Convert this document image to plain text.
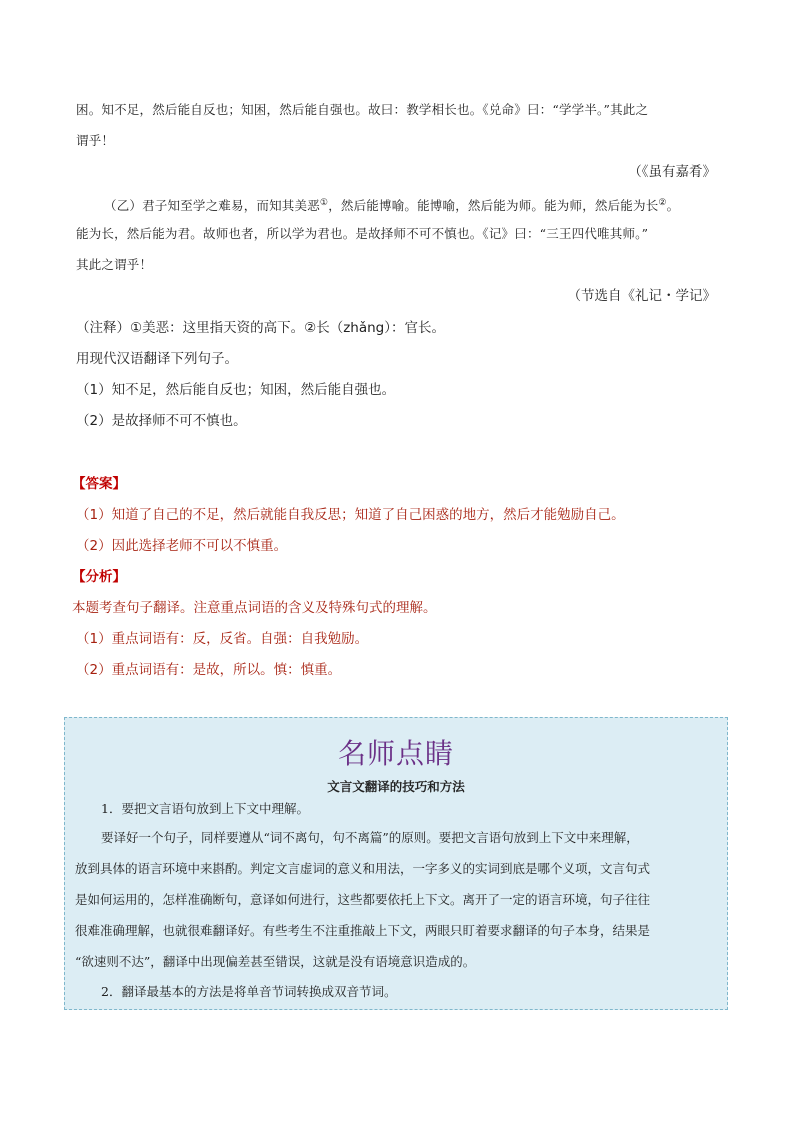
困。知不足，然后能自反也；知困，然后能自强也。故曰：教学相长也。《兑命》曰：“学学半。”其此之
谓乎！
（《虽有嘉肴》
（乙）君子知至学之难易，而知其美恶①，然后能博喻。能博喻，然后能为师。能为师，然后能为长②。
能为长，然后能为君。故师也者，所以学为君也。是故择师不可不慎也。《记》曰：“三王四代唯其师。”
其此之谓乎！
（节选自《礼记・学记》
（注释）①美恶：这里指天资的高下。②长（zhǎng）：官长。
用现代汉语翻译下列句子。
（1）知不足，然后能自反也；知困，然后能自强也。
（2）是故择师不可不慎也。
【答案】
（1）知道了自己的不足，然后就能自我反思；知道了自己困惑的地方，然后才能勉励自己。
（2）因此选择老师不可以不慎重。
【分析】
本题考查句子翻译。注意重点词语的含义及特殊句式的理解。
（1）重点词语有：反，反省。自强：自我勉励。
（2）重点词语有：是故，所以。慎：慎重。
名师点睛
文言文翻译的技巧和方法
1．要把文言语句放到上下文中理解。
要译好一个句子，同样要遵从“词不离句，句不离篇”的原则。要把文言语句放到上下文中来理解，
放到具体的语言环境中来斟酌。判定文言虚词的意义和用法，一字多义的实词到底是哪个义项，文言句式
是如何运用的，怎样准确断句，意译如何进行，这些都要依托上下文。离开了一定的语言环境，句子往往
很难准确理解，也就很难翻译好。有些考生不注重推敲上下文，两眼只盯着要求翻译的句子本身，结果是
“欲速则不达”，翻译中出现偏差甚至错误，这就是没有语境意识造成的。
2．翻译最基本的方法是将单音节词转换成双音节词。
